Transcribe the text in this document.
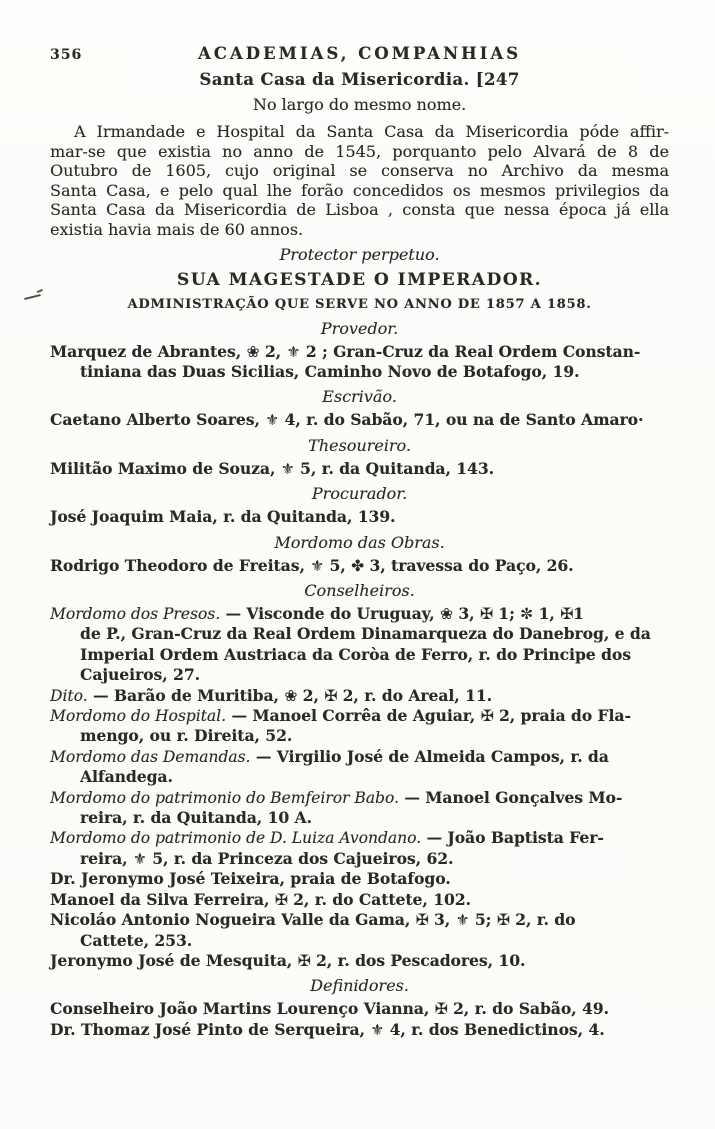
356	ACADEMIAS, COMPANHIAS
Santa Casa da Misericordia. [247
No largo do mesmo nome.
A Irmandade e Hospital da Santa Casa da Misericordia póde affir-
mar-se que existia no anno de 1545, porquanto pelo Alvará de 8 de
Outubro de 1605, cujo original se conserva no Archivo da mesma
Santa Casa, e pelo qual lhe forão concedidos os mesmos privilegios da
Santa Casa da Misericordia de Lisboa , consta que nessa época já ella
existia havia mais de 60 annos.
Protector perpetuo.
SUA MAGESTADE O IMPERADOR.
ADMINISTRAÇÃO QUE SERVE NO ANNO DE 1857 A 1858.
Provedor.
Marquez de Abrantes, ❀ 2, ⚜ 2 ; Gran-Cruz da Real Ordem Constan-
tiniana das Duas Sicilias, Caminho Novo de Botafogo, 19.
Escrivão.
Caetano Alberto Soares, ⚜ 4, r. do Sabão, 71, ou na de Santo Amaro·
Thesoureiro.
Militão Maximo de Souza, ⚜ 5, r. da Quitanda, 143.
Procurador.
José Joaquim Maia, r. da Quitanda, 139.
Mordomo das Obras.
Rodrigo Theodoro de Freitas, ⚜ 5, ✤ 3, travessa do Paço, 26.
Conselheiros.
Mordomo dos Presos. — Visconde do Uruguay, ❀ 3, ✠ 1; ✼ 1, ✠1
de P., Gran-Cruz da Real Ordem Dinamarqueza do Danebrog, e da
Imperial Ordem Austriaca da Coròa de Ferro, r. do Principe dos
Cajueiros, 27.
Dito. — Barão de Muritiba, ❀ 2, ✠ 2, r. do Areal, 11.
Mordomo do Hospital. — Manoel Corrêa de Aguiar, ✠ 2, praia do Fla-
mengo, ou r. Direita, 52.
Mordomo das Demandas. — Virgilio José de Almeida Campos, r. da
Alfandega.
Mordomo do patrimonio do Bemfeiror Babo. — Manoel Gonçalves Mo-
reira, r. da Quitanda, 10 A.
Mordomo do patrimonio de D. Luiza Avondano. — João Baptista Fer-
reira, ⚜ 5, r. da Princeza dos Cajueiros, 62.
Dr. Jeronymo José Teixeira, praia de Botafogo.
Manoel da Silva Ferreira, ✠ 2, r. do Cattete, 102.
Nicoláo Antonio Nogueira Valle da Gama, ✠ 3, ⚜ 5; ✠ 2, r. do
Cattete, 253.
Jeronymo José de Mesquita, ✠ 2, r. dos Pescadores, 10.
Definidores.
Conselheiro João Martins Lourenço Vianna, ✠ 2, r. do Sabão, 49.
Dr. Thomaz José Pinto de Serqueira, ⚜ 4, r. dos Benedictinos, 4.
